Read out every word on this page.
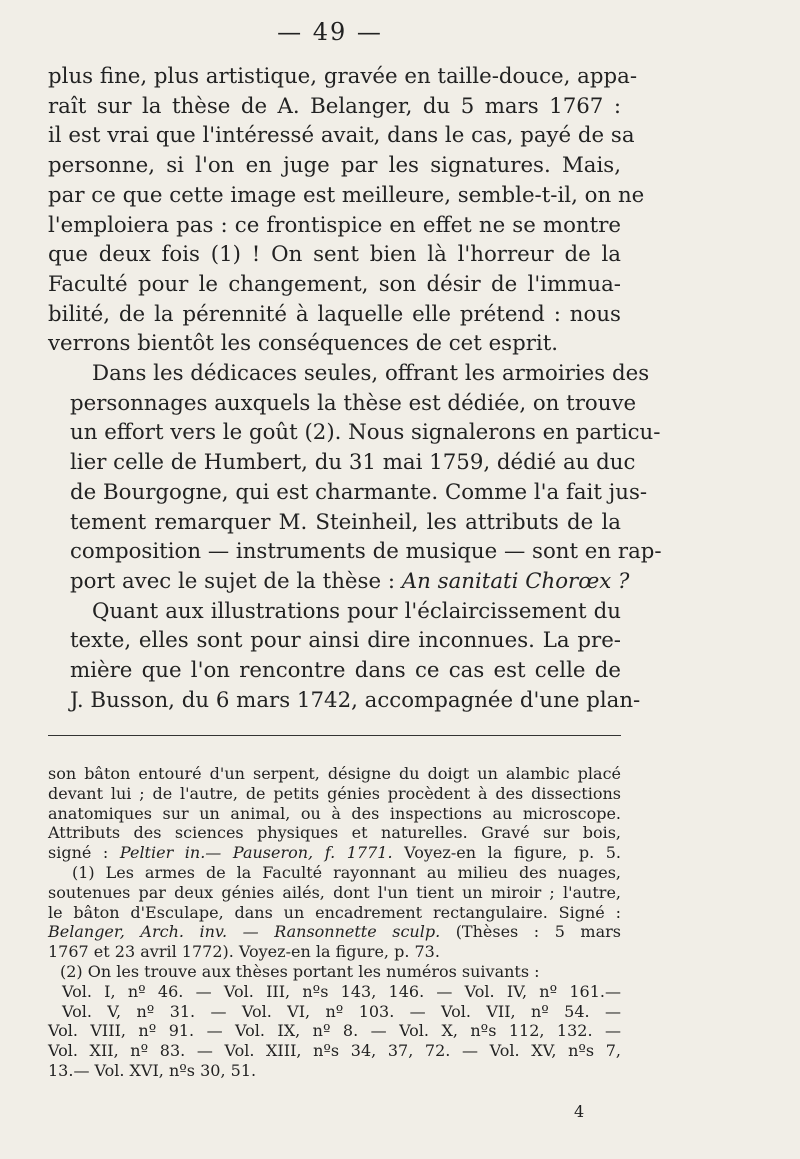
— 49 —

plus fine, plus artistique, gravée en taille-douce, appa-
raît sur la thèse de A. Belanger, du 5 mars 1767 :
il est vrai que l'intéressé avait, dans le cas, payé de sa
personne, si l'on en juge par les signatures. Mais,
par ce que cette image est meilleure, semble-t-il, on ne
l'emploiera pas : ce frontispice en effet ne se montre
que deux fois (1) ! On sent bien là l'horreur de la
Faculté pour le changement, son désir de l'immua-
bilité, de la pérennité à laquelle elle prétend : nous
verrons bientôt les conséquences de cet esprit.

Dans les dédicaces seules, offrant les armoiries des
personnages auxquels la thèse est dédiée, on trouve
un effort vers le goût (2). Nous signalerons en particu-
lier celle de Humbert, du 31 mai 1759, dédié au duc
de Bourgogne, qui est charmante. Comme l'a fait jus-
tement remarquer M. Steinheil, les attributs de la
composition — instruments de musique — sont en rap-
port avec le sujet de la thèse : An sanitati Chorœx ?

Quant aux illustrations pour l'éclaircissement du
texte, elles sont pour ainsi dire inconnues. La pre-
mière que l'on rencontre dans ce cas est celle de
J. Busson, du 6 mars 1742, accompagnée d'une plan-

son bâton entouré d'un serpent, désigne du doigt un alambic placé
devant lui ; de l'autre, de petits génies procèdent à des dissections
anatomiques sur un animal, ou à des inspections au microscope.
Attributs des sciences physiques et naturelles. Gravé sur bois,
signé : Peltier in.— Pauseron, f. 1771. Voyez-en la figure, p. 5.

(1) Les armes de la Faculté rayonnant au milieu des nuages,
soutenues par deux génies ailés, dont l'un tient un miroir ; l'autre,
le bâton d'Esculape, dans un encadrement rectangulaire. Signé :
Belanger, Arch. inv. — Ransonnette sculp. (Thèses : 5 mars
1767 et 23 avril 1772). Voyez-en la figure, p. 73.

(2) On les trouve aux thèses portant les numéros suivants :
Vol. I, nº 46. — Vol. III, nºs 143, 146. — Vol. IV, nº 161.—
Vol. V, nº 31. — Vol. VI, nº 103. — Vol. VII, nº 54. —
Vol. VIII, nº 91. — Vol. IX, nº 8. — Vol. X, nºs 112, 132. —
Vol. XII, nº 83. — Vol. XIII, nºs 34, 37, 72. — Vol. XV, nºs 7,
13.— Vol. XVI, nºs 30, 51.

4
